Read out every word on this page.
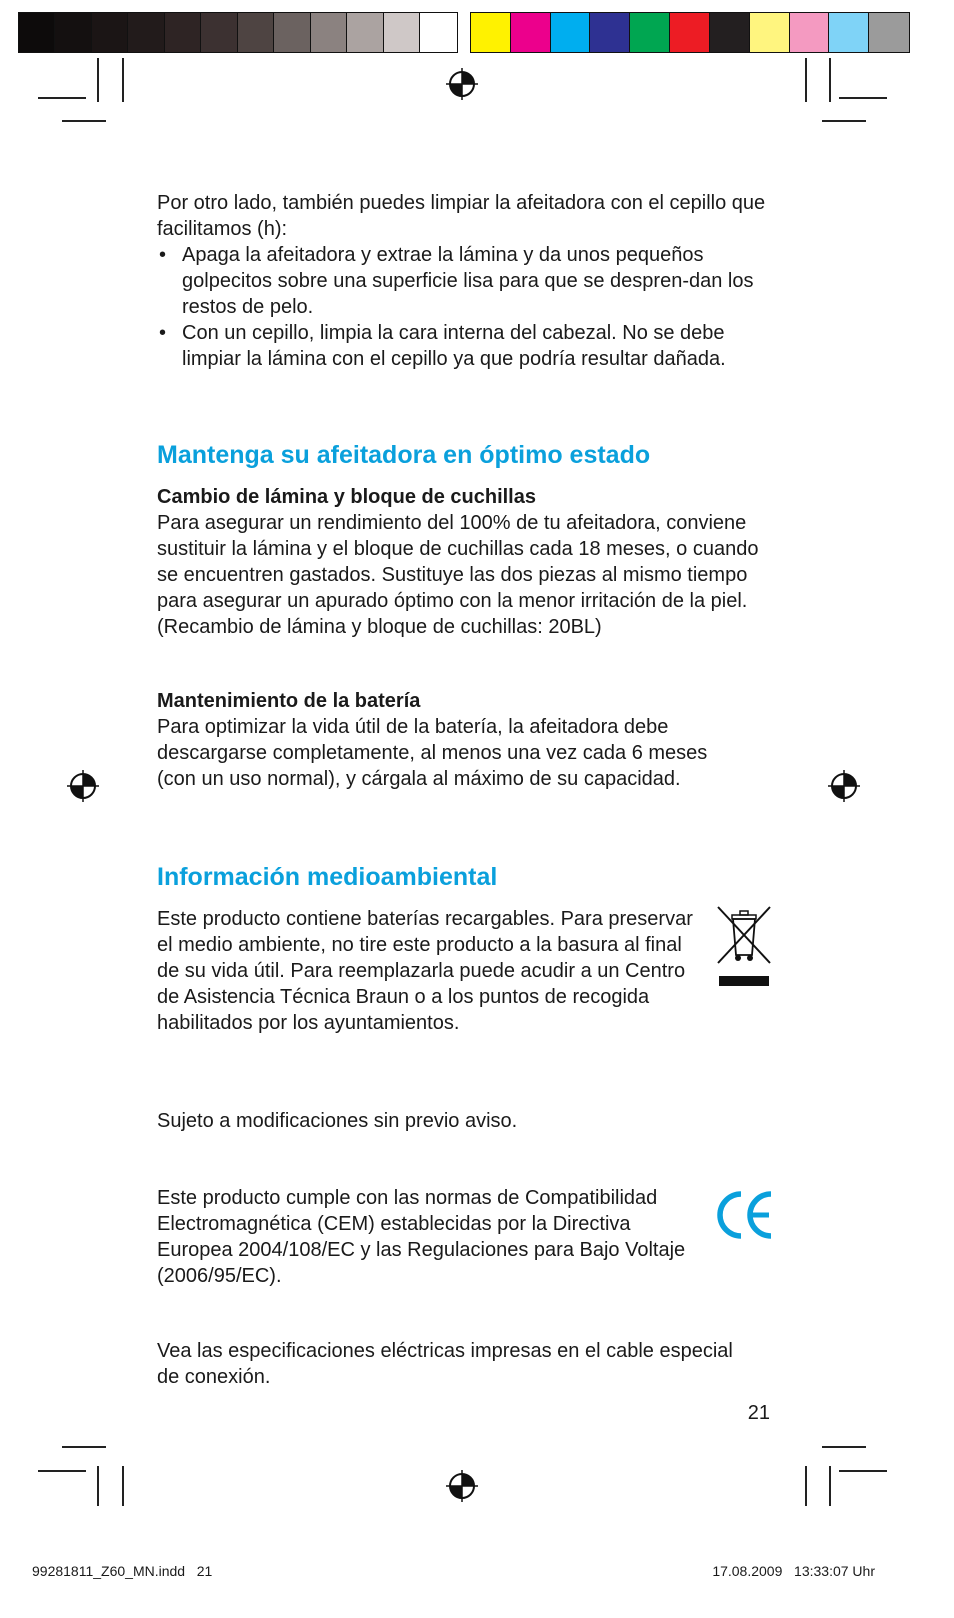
Por otro lado, también puedes limpiar la afeitadora con el cepillo que facilitamos (h):

• Apaga la afeitadora y extrae la lámina y da unos pequeños golpecitos sobre una superficie lisa para que se despren-dan los restos de pelo.
• Con un cepillo, limpia la cara interna del cabezal. No se debe limpiar la lámina con el cepillo ya que podría resultar dañada.
Mantenga su afeitadora en óptimo estado
Cambio de lámina y bloque de cuchillas

Para asegurar un rendimiento del 100% de tu afeitadora, conviene sustituir la lámina y el bloque de cuchillas cada 18 meses, o cuando se encuentren gastados. Sustituye las dos piezas al mismo tiempo para asegurar un apurado óptimo con la menor irritación de la piel.

(Recambio de lámina y bloque de cuchillas: 20BL)

Mantenimiento de la batería

Para optimizar la vida útil de la batería, la afeitadora debe descargarse completamente, al menos una vez cada 6 meses (con un uso normal), y cárgala al máximo de su capacidad.

Información medioambiental

Este producto contiene baterías recargables. Para preservar el medio ambiente, no tire este producto a la basura al final de su vida útil. Para reemplazarla puede acudir a un Centro de Asistencia Técnica Braun o a los puntos de recogida habilitados por los ayuntamientos.

Sujeto a modificaciones sin previo aviso.

Este producto cumple con las normas de Compatibilidad Electromagnética (CEM) establecidas por la Directiva Europea 2004/108/EC y las Regulaciones para Bajo Voltaje (2006/95/EC).

Vea las especificaciones eléctricas impresas en el cable especial de conexión.

21
99281811_Z60_MN.indd   21	17.08.2009   13:33:07 Uhr
